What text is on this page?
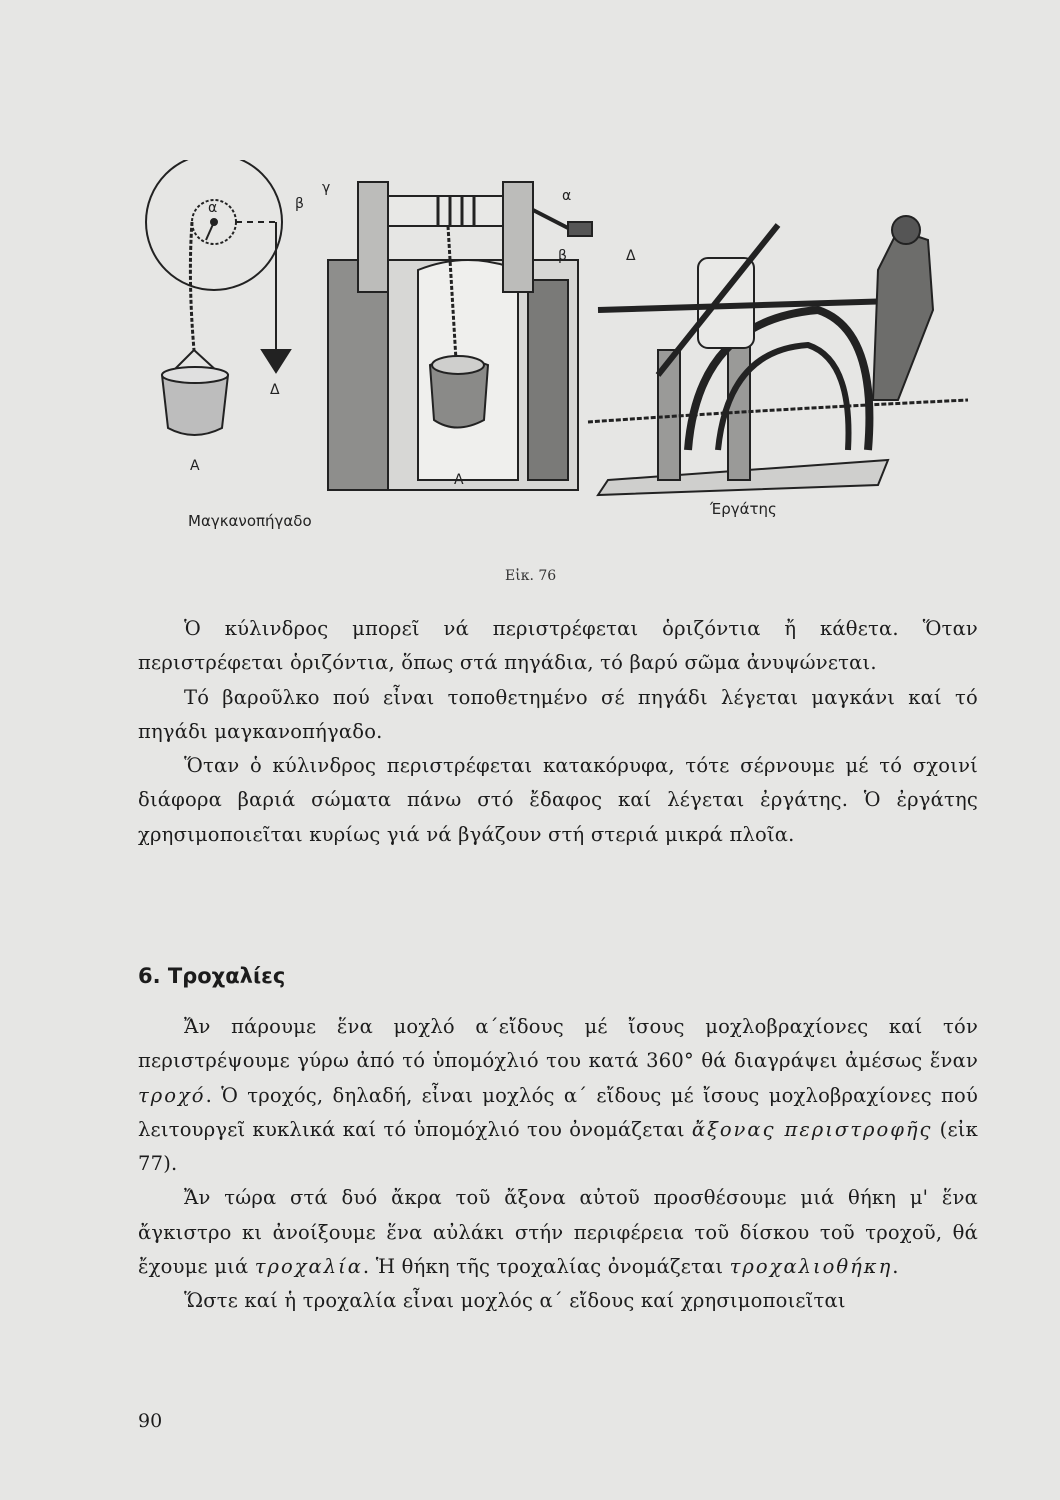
α	β
γ	α
β	Δ
Δ
Α
Α
Μαγκανοπήγαδο
Έργάτης
Εἰκ. 76

Ὁ κύλινδρος μπορεῖ νά περιστρέφεται ὁριζόντια ἤ κάθετα. Ὅταν περιστρέφεται ὁριζόντια, ὅπως στά πηγάδια, τό βαρύ σῶμα ἀνυψώνεται.

Τό βαροῦλκο πού εἶναι τοποθετημένο σέ πηγάδι λέγεται μαγκάνι καί τό πηγάδι μαγκανοπήγαδο.

Ὅταν ὁ κύλινδρος περιστρέφεται κατακόρυφα, τότε σέρνουμε μέ τό σχοινί διάφορα βαριά σώματα πάνω στό ἔδαφος καί λέγεται ἐργάτης. Ὁ ἐργάτης χρησιμοποιεῖται κυρίως γιά νά βγάζουν στή στεριά μικρά πλοῖα.

6. Τροχαλίες

Ἄν πάρουμε ἕνα μοχλό α΄εἴδους μέ ἴσους μοχλοβραχίονες καί τόν περιστρέψουμε γύρω ἀπό τό ὑπομόχλιό του κατά 360° θά διαγράψει ἀμέσως ἕναν τροχό. Ὁ τροχός, δηλαδή, εἶναι μοχλός α΄ εἴδους μέ ἴσους μοχλοβραχίονες πού λειτουργεῖ κυκλικά καί τό ὑπομόχλιό του ὀνομάζεται ἄξονας περιστροφῆς (εἰκ 77).

Ἄν τώρα στά δυό ἄκρα τοῦ ἄξονα αὐτοῦ προσθέσουμε μιά θήκη μ' ἕνα ἄγκιστρο κι ἀνοίξουμε ἕνα αὐλάκι στήν περιφέρεια τοῦ δίσκου τοῦ τροχοῦ, θά ἔχουμε μιά τροχαλία. Ἡ θήκη τῆς τροχαλίας ὀνομάζεται τροχαλιοθήκη.

Ὥστε καί ἡ τροχαλία εἶναι μοχλός α΄ εἴδους καί χρησιμοποιεῖται

90
